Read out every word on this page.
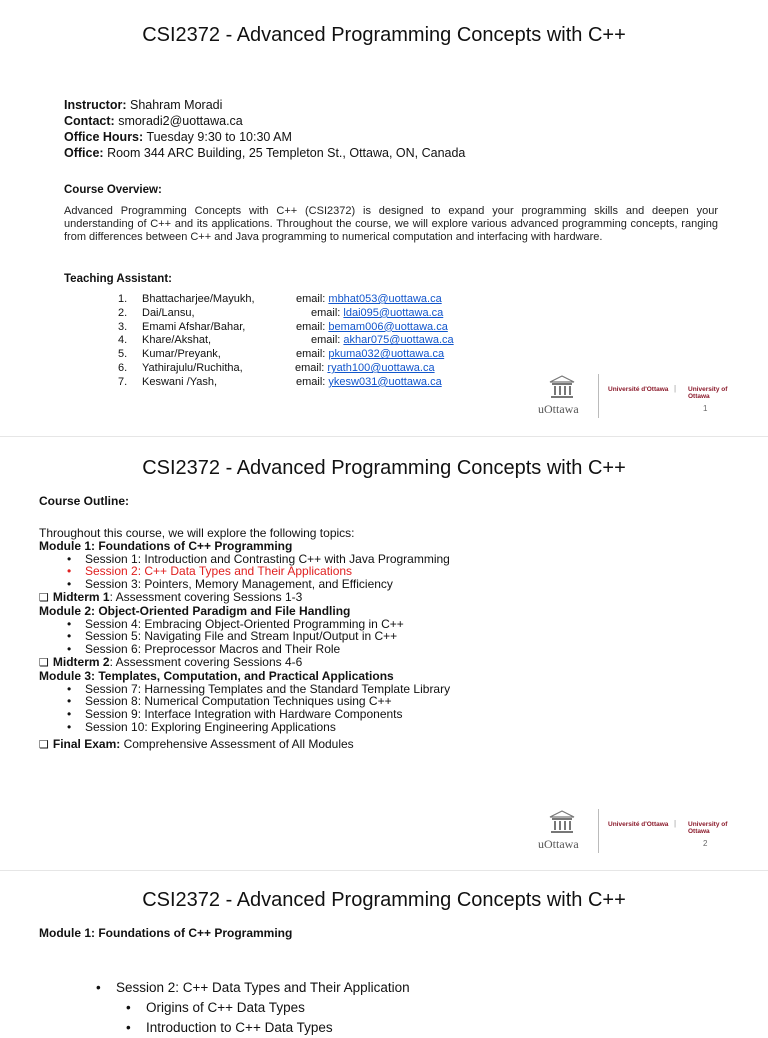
CSI2372 - Advanced Programming Concepts with C++
Instructor: Shahram Moradi
Contact: smoradi2@uottawa.ca
Office Hours: Tuesday 9:30 to 10:30 AM
Office: Room 344 ARC Building, 25 Templeton St., Ottawa, ON, Canada
Course Overview:
Advanced Programming Concepts with C++ (CSI2372) is designed to expand your programming skills and deepen your understanding of C++ and its applications. Throughout the course, we will explore various advanced programming concepts, ranging from differences between C++ and Java programming to numerical computation and interfacing with hardware.
Teaching Assistant:
1.	Bhattacharjee/Mayukh,	email: mbhat053@uottawa.ca
2.	Dai/Lansu,	email: ldai095@uottawa.ca
3.	Emami Afshar/Bahar,	email: bemam006@uottawa.ca
4.	Khare/Akshat,	email: akhar075@uottawa.ca
5.	Kumar/Preyank,	email: pkuma032@uottawa.ca
6.	Yathirajulu/Ruchitha,	email: ryath100@uottawa.ca
7.	Keswani /Yash,	email: ykesw031@uottawa.ca
uOttawa
Université d'Ottawa | University of Ottawa
1
CSI2372 - Advanced Programming Concepts with C++
Course Outline:
Throughout this course, we will explore the following topics:
Module 1: Foundations of C++ Programming
• Session 1: Introduction and Contrasting C++ with Java Programming
• Session 2: C++ Data Types and Their Applications
• Session 3: Pointers, Memory Management, and Efficiency
❑ Midterm 1: Assessment covering Sessions 1-3
Module 2: Object-Oriented Paradigm and File Handling
• Session 4: Embracing Object-Oriented Programming in C++
• Session 5: Navigating File and Stream Input/Output in C++
• Session 6: Preprocessor Macros and Their Role
❑ Midterm 2: Assessment covering Sessions 4-6
Module 3: Templates, Computation, and Practical Applications
• Session 7: Harnessing Templates and the Standard Template Library
• Session 8: Numerical Computation Techniques using C++
• Session 9: Interface Integration with Hardware Components
• Session 10: Exploring Engineering Applications
❑ Final Exam: Comprehensive Assessment of All Modules
uOttawa
Université d'Ottawa | University of Ottawa
2
CSI2372 - Advanced Programming Concepts with C++
Module 1: Foundations of C++ Programming
• Session 2: C++ Data Types and Their Application
• Origins of C++ Data Types
• Introduction to C++ Data Types
